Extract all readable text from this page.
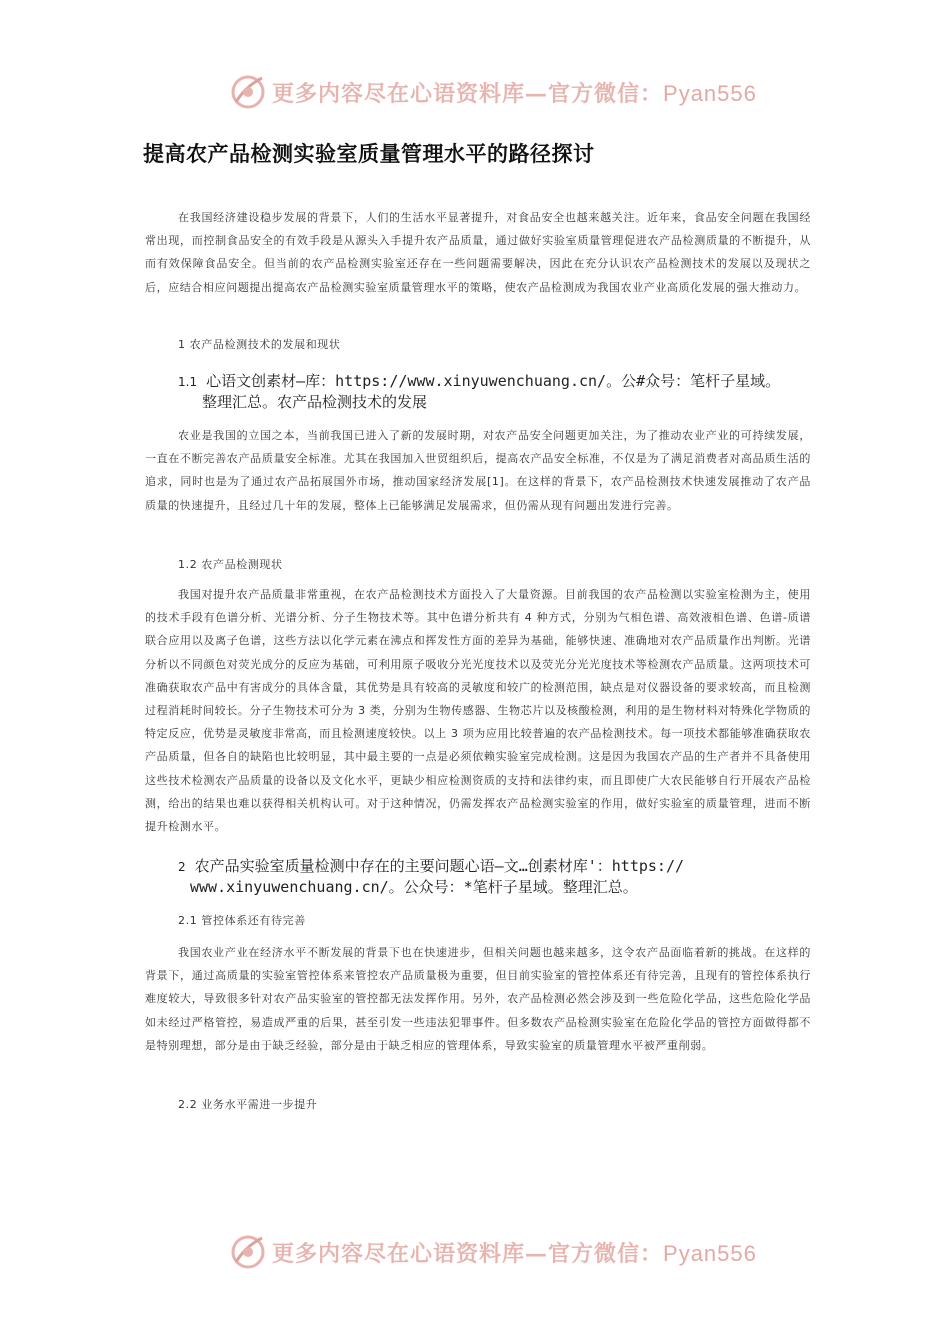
更多内容尽在心语资料库—官方微信：Pyan556
提高农产品检测实验室质量管理水平的路径探讨

在我国经济建设稳步发展的背景下，人们的生活水平显著提升，对食品安全也越来越关注。近年来，食品安全问题在我国经常出现，而控制食品安全的有效手段是从源头入手提升农产品质量，通过做好实验室质量管理促进农产品检测质量的不断提升，从而有效保障食品安全。但当前的农产品检测实验室还存在一些问题需要解决，因此在充分认识农产品检测技术的发展以及现状之后，应结合相应问题提出提高农产品检测实验室质量管理水平的策略，使农产品检测成为我国农业产业高质化发展的强大推动力。

1 农产品检测技术的发展和现状
1.1 心语文创素材—库：https://www.xinyuwenchuang.cn/。公#众号：笔杆子星域。
整理汇总。农产品检测技术的发展

农业是我国的立国之本，当前我国已进入了新的发展时期，对农产品安全问题更加关注，为了推动农业产业的可持续发展，一直在不断完善农产品质量安全标准。尤其在我国加入世贸组织后，提高农产品安全标准，不仅是为了满足消费者对高品质生活的追求，同时也是为了通过农产品拓展国外市场，推动国家经济发展[1]。在这样的背景下，农产品检测技术快速发展推动了农产品质量的快速提升，且经过几十年的发展，整体上已能够满足发展需求，但仍需从现有问题出发进行完善。

1.2 农产品检测现状

我国对提升农产品质量非常重视，在农产品检测技术方面投入了大量资源。目前我国的农产品检测以实验室检测为主，使用的技术手段有色谱分析、光谱分析、分子生物技术等。其中色谱分析共有 4 种方式，分别为气相色谱、高效液相色谱、色谱-质谱联合应用以及离子色谱，这些方法以化学元素在沸点和挥发性方面的差异为基础，能够快速、准确地对农产品质量作出判断。光谱分析以不同颜色对荧光成分的反应为基础，可利用原子吸收分光光度技术以及荧光分光光度技术等检测农产品质量。这两项技术可准确获取农产品中有害成分的具体含量，其优势是具有较高的灵敏度和较广的检测范围，缺点是对仪器设备的要求较高，而且检测过程消耗时间较长。分子生物技术可分为 3 类，分别为生物传感器、生物芯片以及核酸检测，利用的是生物材料对特殊化学物质的特定反应，优势是灵敏度非常高，而且检测速度较快。以上 3 项为应用比较普遍的农产品检测技术。每一项技术都能够准确获取农产品质量，但各自的缺陷也比较明显，其中最主要的一点是必须依赖实验室完成检测。这是因为我国农产品的生产者并不具备使用这些技术检测农产品质量的设备以及文化水平，更缺少相应检测资质的支持和法律约束，而且即使广大农民能够自行开展农产品检测，给出的结果也难以获得相关机构认可。对于这种情况，仍需发挥农产品检测实验室的作用，做好实验室的质量管理，进而不断提升检测水平。

2 农产品实验室质量检测中存在的主要问题心语—文…创素材库'：https://
www.xinyuwenchuang.cn/。公众号：*笔杆子星域。整理汇总。
2.1 管控体系还有待完善

我国农业产业在经济水平不断发展的背景下也在快速进步，但相关问题也越来越多，这令农产品面临着新的挑战。在这样的背景下，通过高质量的实验室管控体系来管控农产品质量极为重要，但目前实验室的管控体系还有待完善，且现有的管控体系执行难度较大，导致很多针对农产品实验室的管控都无法发挥作用。另外，农产品检测必然会涉及到一些危险化学品，这些危险化学品如未经过严格管控，易造成严重的后果，甚至引发一些违法犯罪事件。但多数农产品检测实验室在危险化学品的管控方面做得都不是特别理想，部分是由于缺乏经验，部分是由于缺乏相应的管理体系，导致实验室的质量管理水平被严重削弱。

2.2 业务水平需进一步提升
更多内容尽在心语资料库—官方微信：Pyan556
